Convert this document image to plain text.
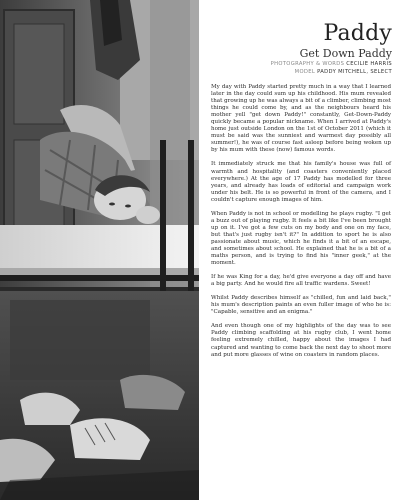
Paddy
Get Down Paddy
PHOTOGRAPHY & WORDS CECILIE HARRIS
MODEL PADDY MITCHELL, SELECT

My day with Paddy started pretty much in a way that I learned later in the day could sum up his childhood. His mum revealed that growing up he was always a bit of a climber, climbing most things he could come by, and as the neighbours heard his mother yell "get down Paddy!" constantly, Get-Down-Paddy quickly became a popular nickname. When I arrived at Paddy's home just outside London on the 1st of October 2011 (which it must be said was the sunniest and warmest day possibly all summer!), he was of course fast asleep before being woken up by his mum with these (now) famous words.

It immediately struck me that his family's house was full of warmth and hospitality (and coasters conveniently placed everywhere.) At the age of 17 Paddy has modelled for three years, and already has loads of editorial and campaign work under his belt. He is so powerful in front of the camera, and I couldn't capture enough images of him.

When Paddy is not in school or modelling he plays rugby. "I get a buzz out of playing rugby. It feels a bit like I've been brought up on it. I've got a few cuts on my body and one on my face, but that's just rugby isn't it?" In addition to sport he is also passionate about music, which he finds it a bit of an escape, and sometimes about school. He explained that he is a bit of a maths person, and is trying to find his "inner geek," at the moment.

If he was King for a day, he'd give everyone a day off and have a big party. And he would fire all traffic wardens. Sweet!

Whilst Paddy describes himself as "chilled, fun and laid back," his mum's description paints an even fuller image of who he is: "Capable, sensitive and an enigma."

And even though one of my highlights of the day was to see Paddy climbing scaffolding at his rugby club, I went home feeling extremely chilled, happy about the images I had captured and wanting to come back the next day to shoot more and put more glasses of wine on coasters in random places.
